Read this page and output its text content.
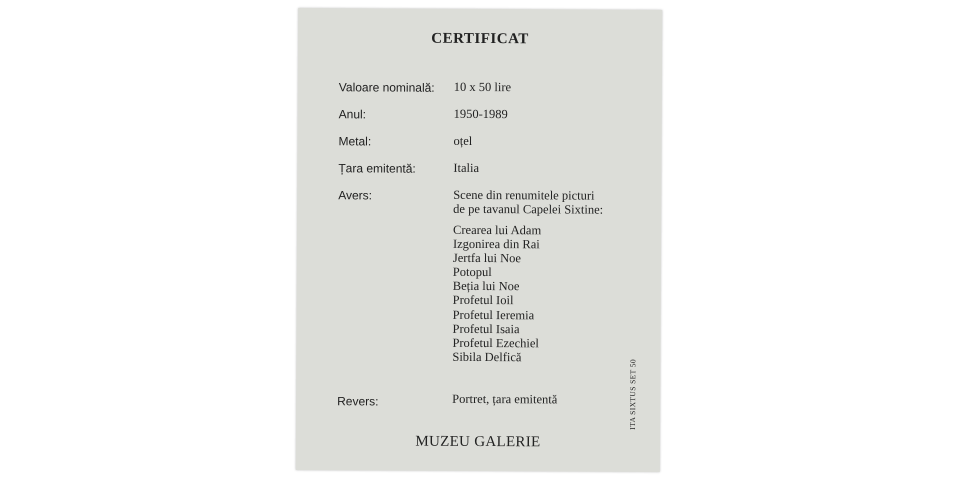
CERTIFICAT
Valoare nominală: 10 x 50 lire
Anul:	1950-1989
Metal:	oțel
Țara emitentă:	Italia
Avers:	Scene din renumitele picturi
de pe tavanul Capelei Sixtine:
Crearea lui Adam
Izgonirea din Rai
Jertfa lui Noe
Potopul
Beția lui Noe
Profetul Ioil
Profetul Ieremia
Profetul Isaia
Profetul Ezechiel
Sibila Delfică
Revers:	Portret, țara emitentă
MUZEU GALERIE
ITA SIXTUS SET 50
